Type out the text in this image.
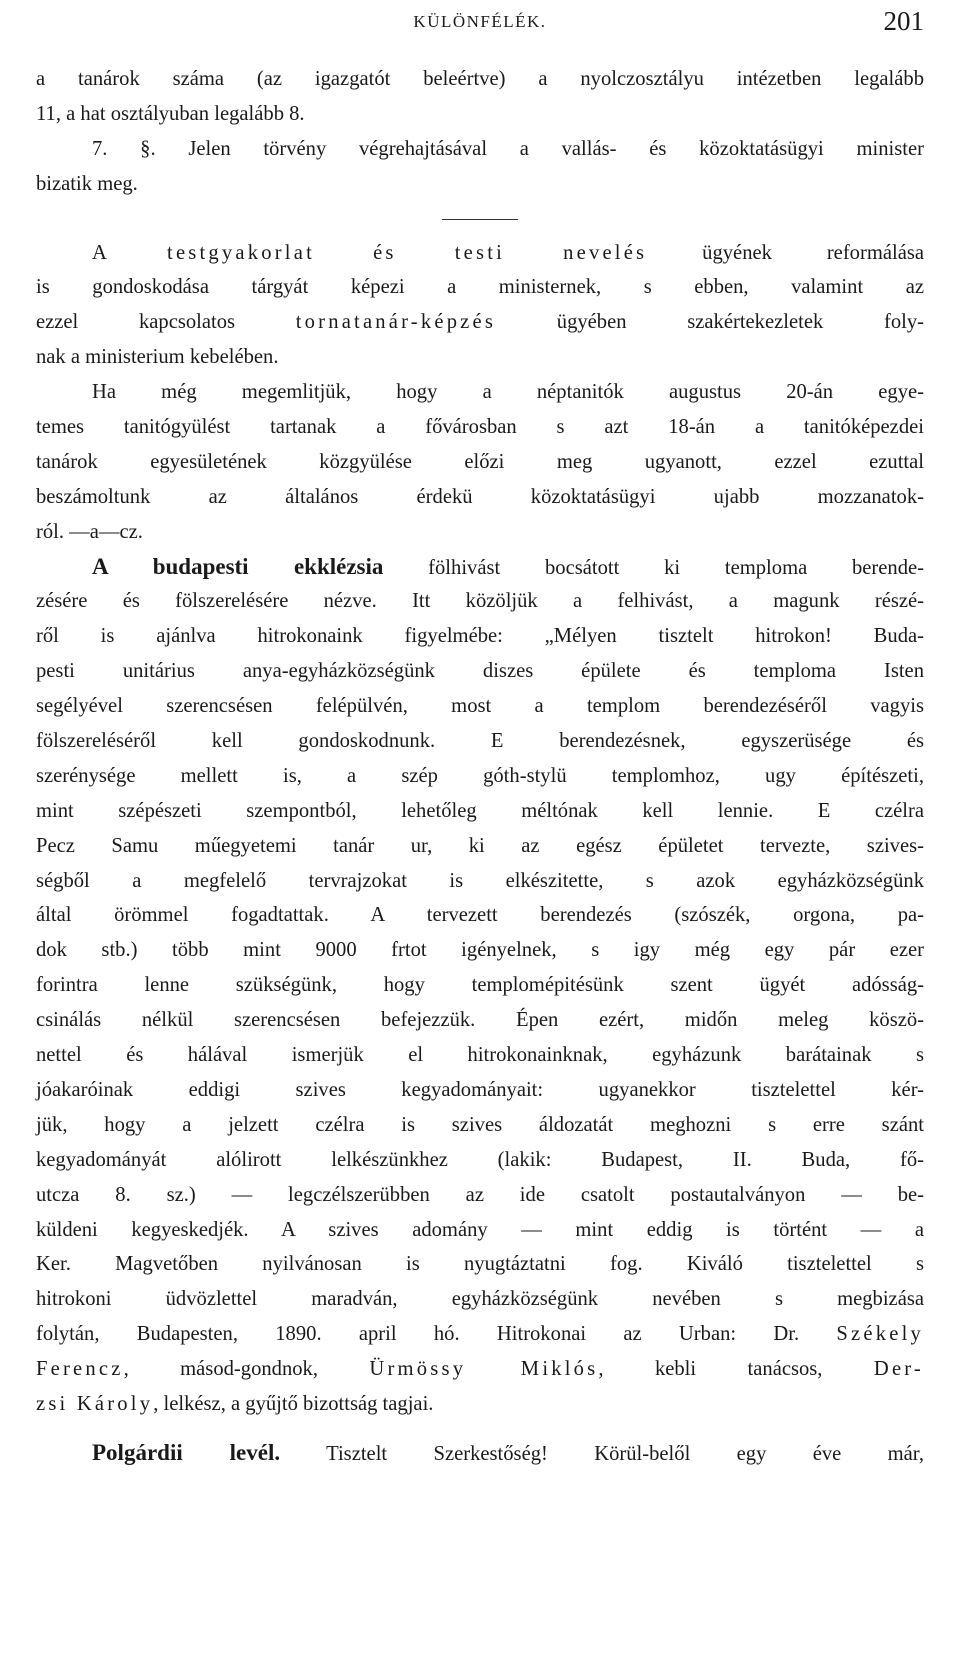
KÜLÖNFÉLÉK.	201
a tanárok száma (az igazgatót beleértve) a nyolczosztályu intézetben legalább
11, a hat osztályuban legalább 8.
7. §. Jelen törvény végrehajtásával a vallás- és közoktatásügyi minister
bizatik meg.
A testgyakorlat és testi nevelés ügyének reformálása
is gondoskodása tárgyát képezi a ministernek, s ebben, valamint az
ezzel kapcsolatos tornatanár-képzés ügyében szakértekezletek foly-
nak a ministerium kebelében.
Ha még megemlitjük, hogy a néptanitók augustus 20-án egye-
temes tanitógyülést tartanak a fővárosban s azt 18-án a tanitóképezdei
tanárok egyesületének közgyülése előzi meg ugyanott, ezzel ezuttal
beszámoltunk az általános érdekü közoktatásügyi ujabb mozzanatok-
ról. —a—cz.
A budapesti ekklézsia fölhivást bocsátott ki temploma berende-
zésére és fölszerelésére nézve. Itt közöljük a felhivást, a magunk részé-
ről is ajánlva hitrokonaink figyelmébe: „Mélyen tisztelt hitrokon! Buda-
pesti unitárius anya-egyházközségünk diszes épülete és temploma Isten
segélyével szerencsésen felépülvén, most a templom berendezéséről vagyis
fölszereléséről kell gondoskodnunk. E berendezésnek, egyszerüsége és
szerénysége mellett is, a szép góth-stylü templomhoz, ugy építészeti,
mint szépészeti szempontból, lehetőleg méltónak kell lennie. E czélra
Pecz Samu műegyetemi tanár ur, ki az egész épületet tervezte, szives-
ségből a megfelelő tervrajzokat is elkészitette, s azok egyházközségünk
által örömmel fogadtattak. A tervezett berendezés (szószék, orgona, pa-
dok stb.) több mint 9000 frtot igényelnek, s igy még egy pár ezer
forintra lenne szükségünk, hogy templomépitésünk szent ügyét adósság-
csinálás nélkül szerencsésen befejezzük. Épen ezért, midőn meleg köszö-
nettel és hálával ismerjük el hitrokonainknak, egyházunk barátainak s
jóakaróinak eddigi szives kegyadományait: ugyanekkor tisztelettel kér-
jük, hogy a jelzett czélra is szives áldozatát meghozni s erre szánt
kegyadományát alólirott lelkészünkhez (lakik: Budapest, II. Buda, fő-
utcza 8. sz.) — legczélszerübben az ide csatolt postautalványon — be-
küldeni kegyeskedjék. A szives adomány — mint eddig is történt — a
Ker. Magvetőben nyilvánosan is nyugtáztatni fog. Kiváló tisztelettel s
hitrokoni üdvözlettel maradván, egyházközségünk nevében s megbizása
folytán, Budapesten, 1890. april hó. Hitrokonai az Urban: Dr. Székely
Ferencz, másod-gondnok, Ürmössy Miklós, kebli tanácsos, Der-
zsi Károly, lelkész, a gyűjtő bizottság tagjai.
Polgárdii levél. Tisztelt Szerkestőség! Körül-belől egy éve már,
